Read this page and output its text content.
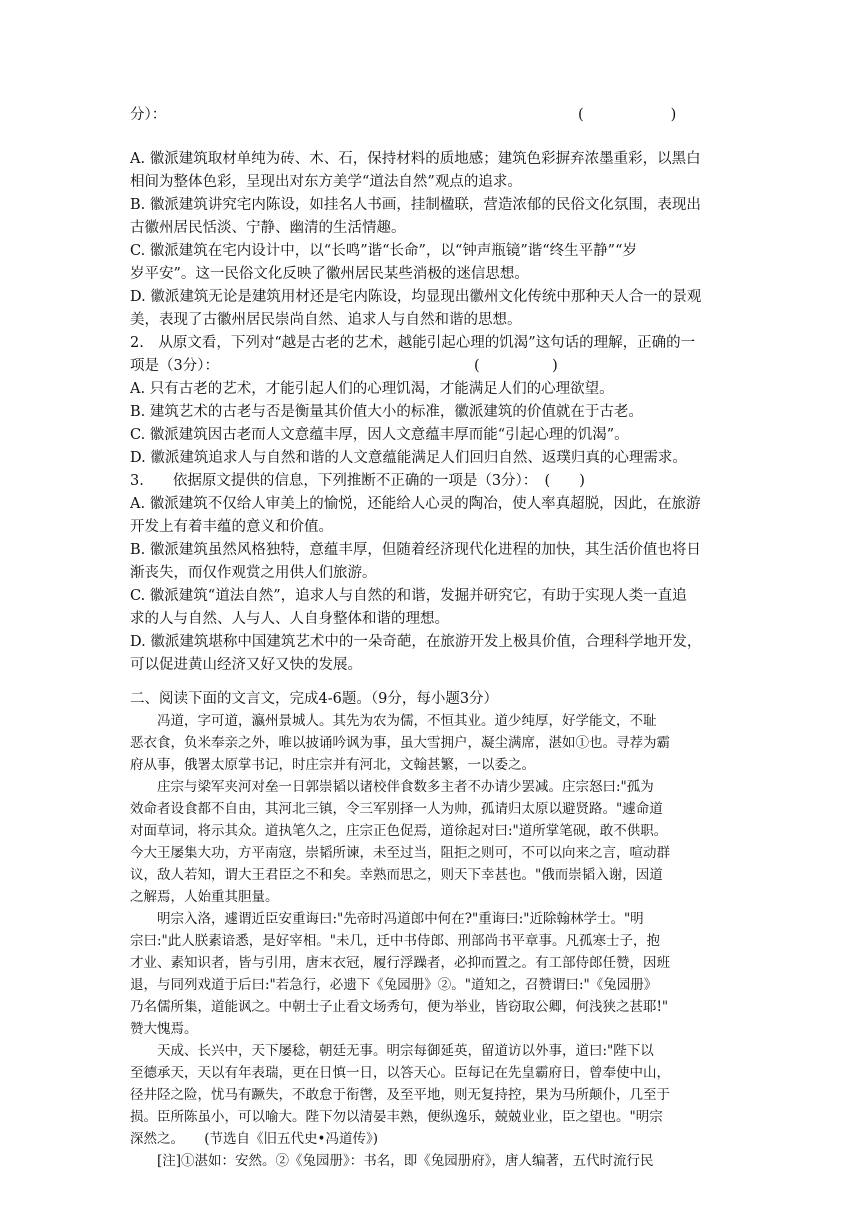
分）：	(　　　　　　)
A. 徽派建筑取材单纯为砖、木、石，保持材料的质地感；建筑色彩摒弃浓墨重彩，以黑白
相间为整体色彩，呈现出对东方美学“道法自然”观点的追求。
B. 徽派建筑讲究宅内陈设，如挂名人书画，挂制楹联，营造浓郁的民俗文化氛围，表现出
古徽州居民恬淡、宁静、幽清的生活情趣。
C. 徽派建筑在宅内设计中，以“长鸣”谐“长命”，以“钟声瓶镜”谐“终生平静”“岁
岁平安”。这一民俗文化反映了徽州居民某些消极的迷信思想。
D. 徽派建筑无论是建筑用材还是宅内陈设，均显现出徽州文化传统中那种天人合一的景观
美，表现了古徽州居民崇尚自然、追求人与自然和谐的思想。
2.　从原文看，下列对“越是古老的艺术，越能引起心理的饥渴”这句话的理解，正确的一
项是（3分）：	(　　　　　)
A. 只有古老的艺术，才能引起人们的心理饥渴，才能满足人们的心理欲望。
B. 建筑艺术的古老与否是衡量其价值大小的标准，徽派建筑的价值就在于古老。
C. 徽派建筑因古老而人文意蕴丰厚，因人文意蕴丰厚而能“引起心理的饥渴”。
D. 徽派建筑追求人与自然和谐的人文意蕴能满足人们回归自然、返璞归真的心理需求。
3.　　依据原文提供的信息，下列推断不正确的一项是（3分）：　(　　)
A. 徽派建筑不仅给人审美上的愉悦，还能给人心灵的陶冶，使人率真超脱，因此，在旅游
开发上有着丰蕴的意义和价值。
B. 徽派建筑虽然风格独特，意蕴丰厚，但随着经济现代化进程的加快，其生活价值也将日
渐丧失，而仅作观赏之用供人们旅游。
C. 徽派建筑“道法自然”，追求人与自然的和谐，发掘并研究它，有助于实现人类一直追
求的人与自然、人与人、人自身整体和谐的理想。
D. 徽派建筑堪称中国建筑艺术中的一朵奇葩，在旅游开发上极具价值，合理科学地开发，
可以促进黄山经济又好又快的发展。
二、阅读下面的文言文，完成4-6题。（9分，每小题3分）
　　冯道，字可道，瀛州景城人。其先为农为儒，不恒其业。道少纯厚，好学能文，不耻
恶衣食，负米奉亲之外，唯以披诵吟讽为事，虽大雪拥户，凝尘满席，湛如①也。寻荐为霸
府从事，俄署太原掌书记，时庄宗并有河北，文翰甚繁，一以委之。
　　庄宗与梁军夹河对垒一日郭崇韬以诸校伴食数多主者不办请少罢减。庄宗怒曰:"孤为
效命者设食都不自由，其河北三镇，令三军别择一人为帅，孤请归太原以避贤路。"遽命道
对面草词，将示其众。道执笔久之，庄宗正色促焉，道徐起对曰:"道所掌笔砚，敢不供职。
今大王屡集大功，方平南寇，崇韬所谏，未至过当，阻拒之则可，不可以向来之言，喧动群
议，敌人若知，谓大王君臣之不和矣。幸熟而思之，则天下幸甚也。"俄而崇韬入谢，因道
之解焉，人始重其胆量。
　　明宗入洛，遽谓近臣安重诲曰:"先帝时冯道郎中何在?"重诲曰:"近除翰林学士。"明
宗曰:"此人朕素谙悉，是好宰相。"未几，迁中书侍郎、刑部尚书平章事。凡孤寒士子，抱
才业、素知识者，皆与引用，唐末衣冠，履行浮躁者，必抑而置之。有工部侍郎任赞，因班
退，与同列戏道于后曰:"若急行，必遗下《兔园册》②。"道知之，召赞谓曰:"《兔园册》
乃名儒所集，道能讽之。中朝士子止看文场秀句，便为举业，皆窃取公卿，何浅狭之甚耶!"
赞大愧焉。
　　天成、长兴中，天下屡稔，朝廷无事。明宗每御延英，留道访以外事，道曰:"陛下以
至德承天，天以有年表瑞，更在日慎一日，以答天心。臣每记在先皇霸府日，曾奉使中山，
径井陉之险，忧马有蹶失，不敢怠于衔辔，及至平地，则无复持控，果为马所颠仆，几至于
损。臣所陈虽小，可以喻大。陛下勿以清晏丰熟，便纵逸乐，兢兢业业，臣之望也。"明宗
深然之。　　(节选自《旧五代史•冯道传》)
　　[注]①湛如：安然。②《兔园册》：书名，即《兔园册府》，唐人编著，五代时流行民
